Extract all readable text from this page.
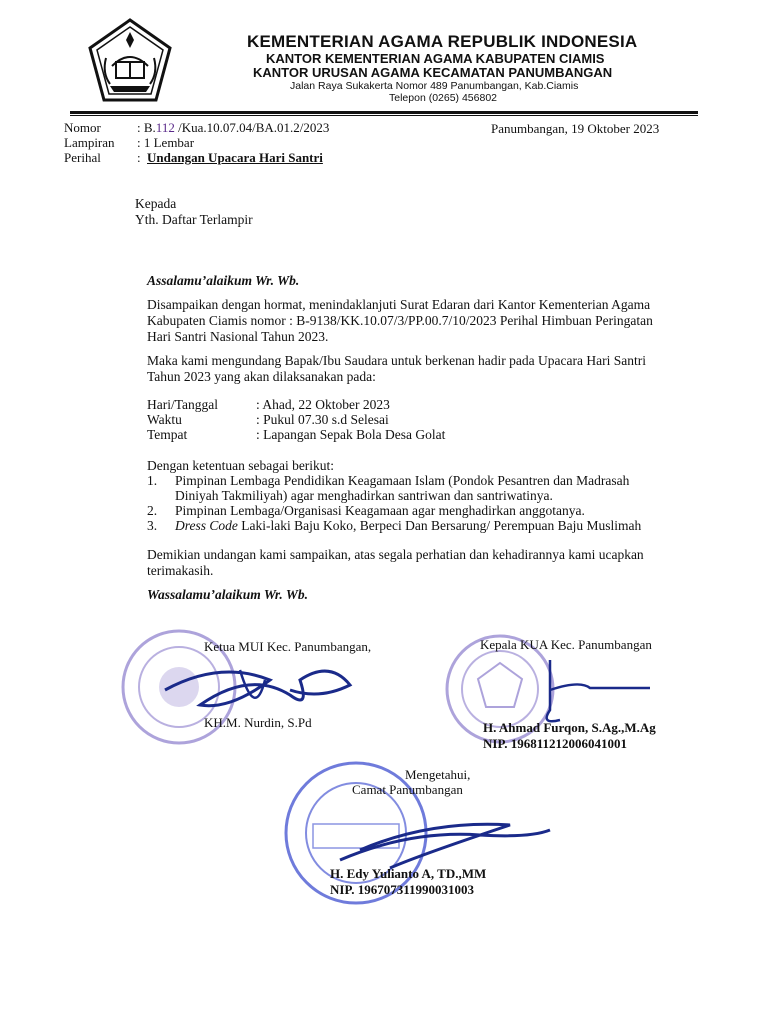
KEMENTERIAN AGAMA REPUBLIK INDONESIA
KANTOR KEMENTERIAN AGAMA KABUPATEN CIAMIS
KANTOR URUSAN AGAMA KECAMATAN PANUMBANGAN
Jalan Raya Sukakerta Nomor 489 Panumbangan, Kab.Ciamis
Telepon (0265) 456802
Nomor	: B.112 /Kua.10.07.04/BA.01.2/2023	Panumbangan, 19 Oktober 2023
Lampiran : 1 Lembar
Perihal	: Undangan Upacara Hari Santri
Kepada
Yth. Daftar Terlampir
Assalamu’alaikum Wr. Wb.
Disampaikan dengan hormat, menindaklanjuti Surat Edaran dari Kantor Kementerian Agama
Kabupaten Ciamis nomor : B-9138/KK.10.07/3/PP.00.7/10/2023 Perihal Himbuan Peringatan
Hari Santri Nasional Tahun 2023.
Maka kami mengundang Bapak/Ibu Saudara untuk berkenan hadir pada Upacara Hari Santri
Tahun 2023 yang akan dilaksanakan pada:
Hari/Tanggal	: Ahad, 22 Oktober 2023
Waktu	: Pukul 07.30 s.d Selesai
Tempat	: Lapangan Sepak Bola Desa Golat
Dengan ketentuan sebagai berikut:
1. Pimpinan Lembaga Pendidikan Keagamaan Islam (Pondok Pesantren dan Madrasah
Diniyah Takmiliyah) agar menghadirkan santriwan dan santriwatinya.
2. Pimpinan Lembaga/Organisasi Keagamaan agar menghadirkan anggotanya.
3. Dress Code Laki-laki Baju Koko, Berpeci Dan Bersarung/ Perempuan Baju Muslimah
Demikian undangan kami sampaikan, atas segala perhatian dan kehadirannya kami ucapkan
terimakasih.
Wassalamu’alaikum Wr. Wb.
Ketua MUI Kec. Panumbangan,
KH.M. Nurdin, S.Pd
Kepala KUA Kec. Panumbangan
H. Ahmad Furqon, S.Ag.,M.Ag
NIP. 196811212006041001
Mengetahui,
Camat Panumbangan
H. Edy Yulianto A, TD.,MM
NIP. 196707311990031003
